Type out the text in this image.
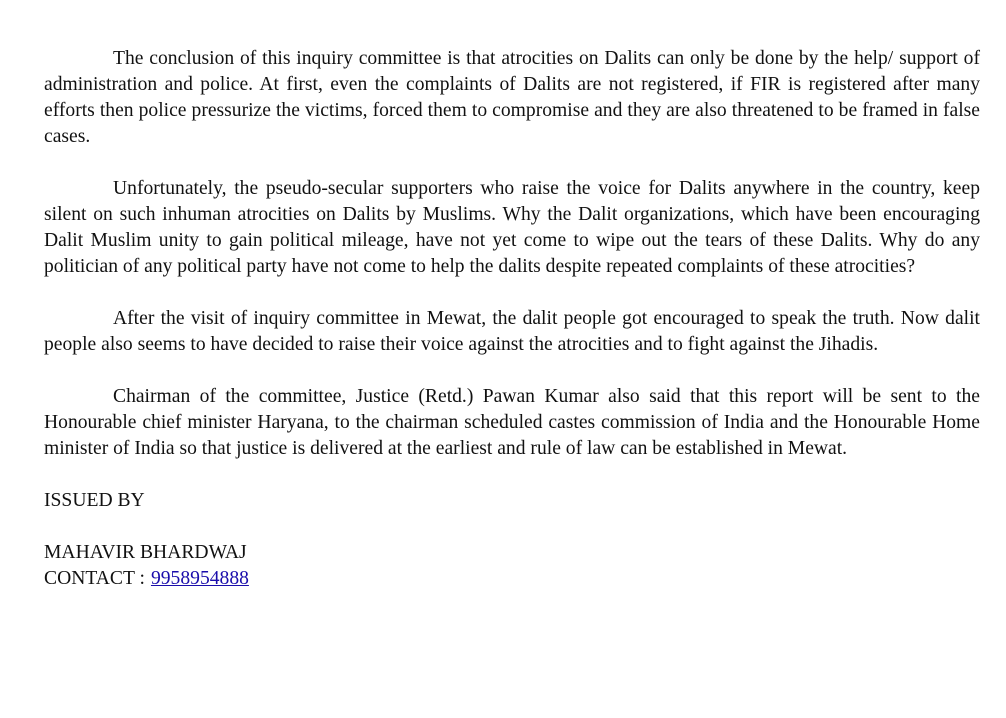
The conclusion of this inquiry committee is that atrocities on Dalits can only be done by the help/ support of administration and police. At first, even the complaints of Dalits are not registered, if FIR is registered after many efforts then police pressurize the victims, forced them to compromise and they are also threatened to be framed in false cases.

Unfortunately, the pseudo-secular supporters who raise the voice for Dalits anywhere in the country, keep silent on such inhuman atrocities on Dalits by Muslims. Why the Dalit organizations, which have been encouraging Dalit Muslim unity to gain political mileage, have not yet come to wipe out the tears of these Dalits. Why do any politician of any political party have not come to help the dalits despite repeated complaints of these atrocities?

After the visit of inquiry committee in Mewat, the dalit people got encouraged to speak the truth. Now dalit people also seems to have decided to raise their voice against the atrocities and to fight against the Jihadis.

Chairman of the committee, Justice (Retd.) Pawan Kumar also said that this report will be sent to the Honourable chief minister Haryana, to the chairman scheduled castes commission of India and the Honourable Home minister of India so that justice is delivered at the earliest and rule of law can be established in Mewat.

ISSUED BY

MAHAVIR BHARDWAJ

CONTACT : 9958954888
